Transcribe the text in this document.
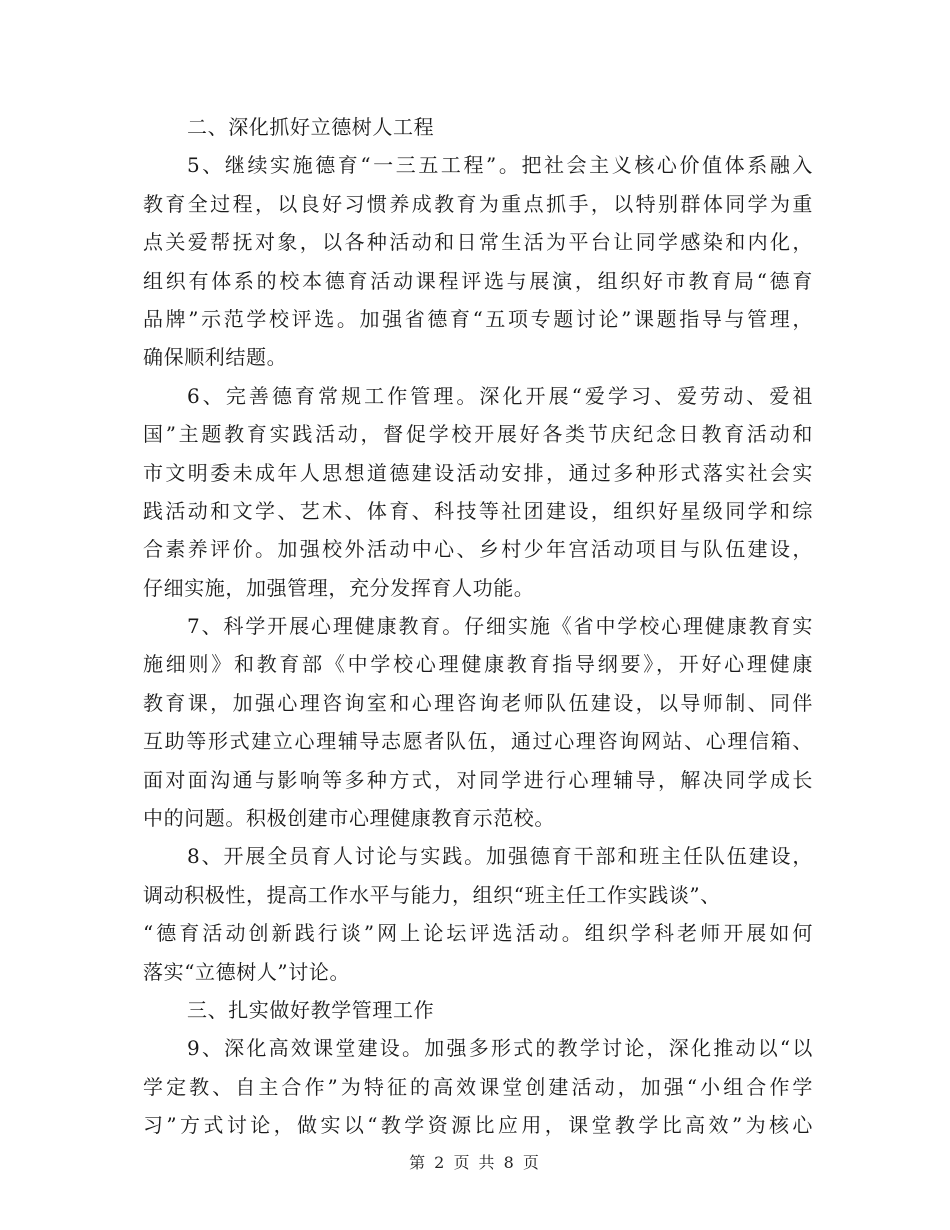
二、深化抓好立德树人工程
5、继续实施德育“一三五工程”。把社会主义核心价值体系融入
教育全过程，以良好习惯养成教育为重点抓手，以特别群体同学为重
点关爱帮抚对象，以各种活动和日常生活为平台让同学感染和内化，
组织有体系的校本德育活动课程评选与展演，组织好市教育局“德育
品牌”示范学校评选。加强省德育“五项专题讨论”课题指导与管理，
确保顺利结题。
6、完善德育常规工作管理。深化开展“爱学习、爱劳动、爱祖
国”主题教育实践活动，督促学校开展好各类节庆纪念日教育活动和
市文明委未成年人思想道德建设活动安排，通过多种形式落实社会实
践活动和文学、艺术、体育、科技等社团建设，组织好星级同学和综
合素养评价。加强校外活动中心、乡村少年宫活动项目与队伍建设，
仔细实施，加强管理，充分发挥育人功能。
7、科学开展心理健康教育。仔细实施《省中学校心理健康教育实
施细则》和教育部《中学校心理健康教育指导纲要》，开好心理健康
教育课，加强心理咨询室和心理咨询老师队伍建设，以导师制、同伴
互助等形式建立心理辅导志愿者队伍，通过心理咨询网站、心理信箱、
面对面沟通与影响等多种方式，对同学进行心理辅导，解决同学成长
中的问题。积极创建市心理健康教育示范校。
8、开展全员育人讨论与实践。加强德育干部和班主任队伍建设，
调动积极性，提高工作水平与能力，组织“班主任工作实践谈”、
“德育活动创新践行谈”网上论坛评选活动。组织学科老师开展如何
落实“立德树人”讨论。
三、扎实做好教学管理工作
9、深化高效课堂建设。加强多形式的教学讨论，深化推动以“以
学定教、自主合作”为特征的高效课堂创建活动，加强“小组合作学
习”方式讨论，做实以“教学资源比应用，课堂教学比高效”为核心
第 2 页 共 8 页
